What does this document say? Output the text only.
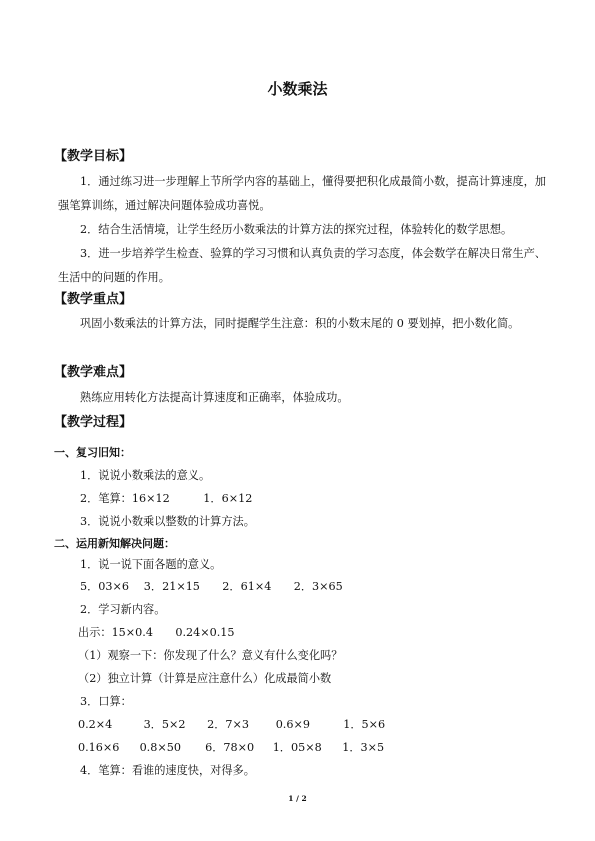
小数乘法
【教学目标】
1．通过练习进一步理解上节所学内容的基础上，懂得要把积化成最简小数，提高计算速度，加强笔算训练，通过解决问题体验成功喜悦。
2．结合生活情境，让学生经历小数乘法的计算方法的探究过程，体验转化的数学思想。
3．进一步培养学生检查、验算的学习习惯和认真负责的学习态度，体会数学在解决日常生产、生活中的问题的作用。
【教学重点】
巩固小数乘法的计算方法，同时提醒学生注意：积的小数末尾的 0 要划掉，把小数化简。
【教学难点】
熟练应用转化方法提高计算速度和正确率，体验成功。
【教学过程】
一、复习旧知：
1．说说小数乘法的意义。
2．笔算：16×12　　　1．6×12
3．说说小数乘以整数的计算方法。
二、运用新知解决问题：
1．说一说下面各题的意义。
5．03×6　 3．21×15　　2．61×4　　2．3×65
2．学习新内容。
出示：15×0.4　　0.24×0.15
（1）观察一下：你发现了什么？意义有什么变化吗？
（2）独立计算（计算是应注意什么）化成最简小数
3．口算：
0.2×4	3．5×2 2．7×3 0.6×9	1．5×6
0.16×6 0.8×50 6．78×0 1．05×8 1．3×5
4．笔算：看谁的速度快，对得多。
1 / 2
